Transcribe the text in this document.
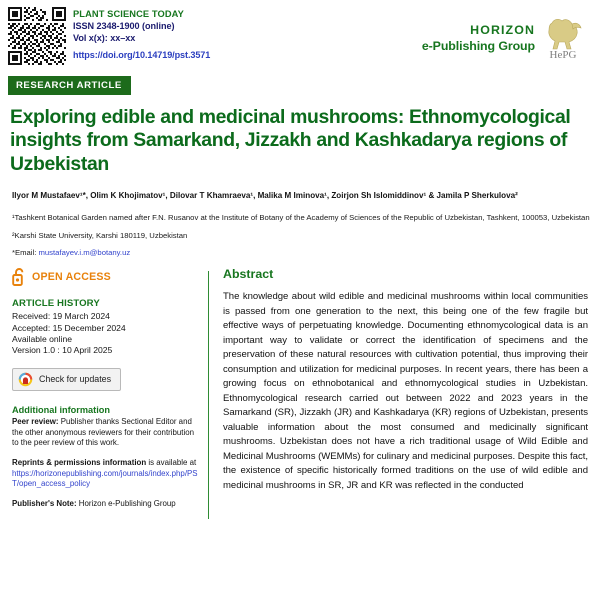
PLANT SCIENCE TODAY
ISSN 2348-1900 (online)
Vol x(x): xx–xx
https://doi.org/10.14719/pst.3571
HORIZON
e-Publishing Group
HePG
RESEARCH ARTICLE
Exploring edible and medicinal mushrooms: Ethnomycological insights from Samarkand, Jizzakh and Kashkadarya regions of Uzbekistan
Ilyor M Mustafaev¹*, Olim K Khojimatov¹, Dilovar T Khamraeva¹, Malika M Iminova¹, Zoirjon Sh Islomiddinov¹ & Jamila P Sherkulova²
¹Tashkent Botanical Garden named after F.N. Rusanov at the Institute of Botany of the Academy of Sciences of the Republic of Uzbekistan, Tashkent, 100053, Uzbekistan
²Karshi State University, Karshi 180119, Uzbekistan
*Email: mustafayev.i.m@botany.uz
OPEN ACCESS
ARTICLE HISTORY
Received: 19 March 2024
Accepted: 15 December 2024
Available online
Version 1.0 : 10 April 2025
Check for updates
Additional information

Peer review: Publisher thanks Sectional Editor and the other anonymous reviewers for their contribution to the peer review of this work.

Reprints & permissions information is available at https://horizonepublishing.com/journals/index.php/PST/open_access_policy

Publisher's Note: Horizon e-Publishing Group

Abstract
The knowledge about wild edible and medicinal mushrooms within local communities is passed from one generation to the next, this being one of the few fragile but effective ways of perpetuating knowledge. Documenting ethnomycological data is an important way to validate or correct the identification of specimens and the preservation of these natural resources with cultivation potential, thus improving their consumption and utilization for medicinal purposes. In recent years, there has been a growing focus on ethnobotanical and ethnomycological studies in Uzbekistan. Ethnomycological research carried out between 2022 and 2023 years in the Samarkand (SR), Jizzakh (JR) and Kashkadarya (KR) regions of Uzbekistan, presents valuable information about the most consumed and medicinally significant mushrooms. Uzbekistan does not have a rich traditional usage of Wild Edible and Medicinal Mushrooms (WEMMs) for culinary and medicinal purposes. Despite this fact, the existence of specific historically formed traditions on the use of wild edible and medicinal mushrooms in SR, JR and KR was reflected in the conducted
